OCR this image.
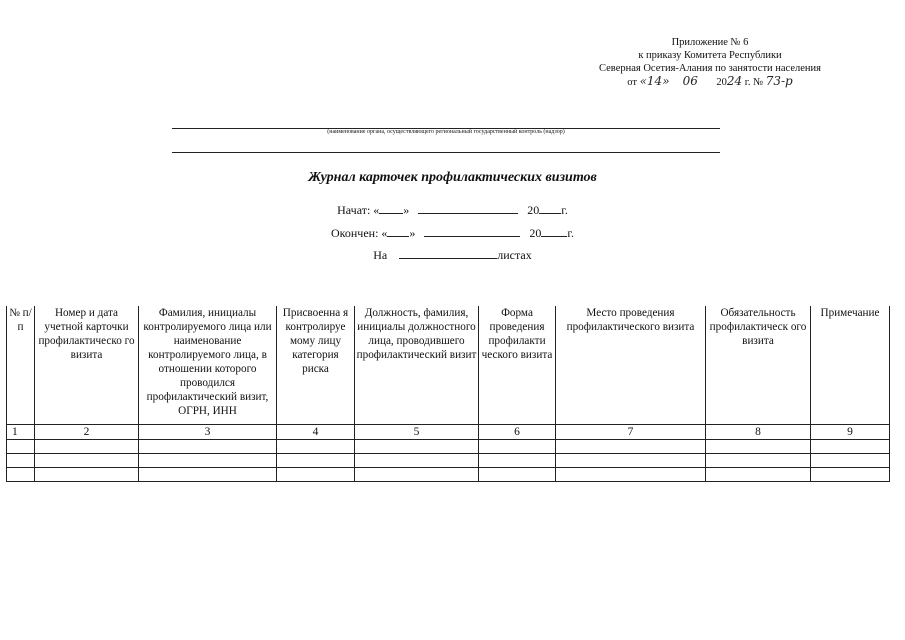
Приложение № 6
к приказу Комитета Республики
Северная Осетия-Алания по занятости населения
от «14» 06 2024 г. № 73-р
(наименование органа, осуществляющего региональный государственный контроль (надзор)
Журнал карточек профилактических визитов
Начат: « »	20 г.
Окончен: « »	20 г.
На	листах
№ п/п	Номер и дата учетной карточки профилактическо го визита	Фамилия, инициалы контролируемого лица или наименование контролируемого лица, в отношении которого проводился профилактический визит, ОГРН, ИНН	Присвоенна я контролируе мому лицу категория риска	Должность, фамилия, инициалы должностного лица, проводившего профилактический визит	Форма проведения профилакти ческого визита	Место проведения профилактического визита	Обязательность профилактическ ого визита	Примечание
1	2	3	4	5	6	7	8	9
